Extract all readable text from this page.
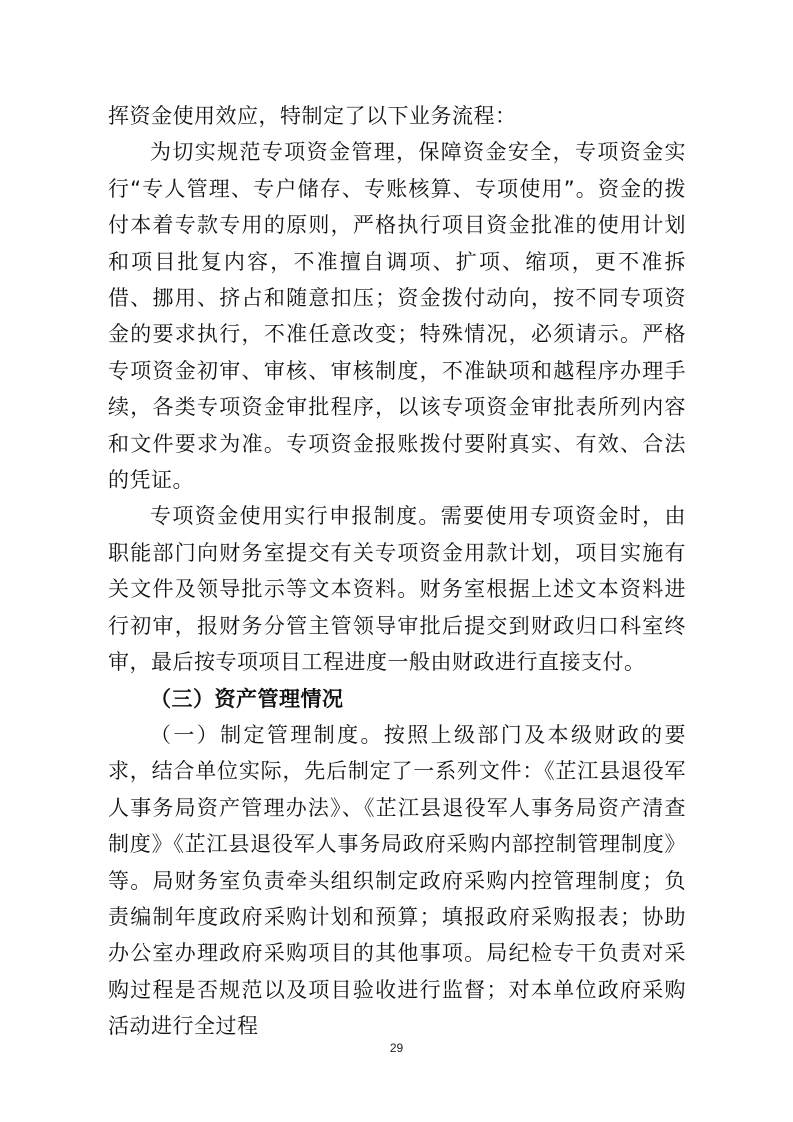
挥资金使用效应，特制定了以下业务流程：

为切实规范专项资金管理，保障资金安全，专项资金实行“专人管理、专户储存、专账核算、专项使用”。资金的拨付本着专款专用的原则，严格执行项目资金批准的使用计划和项目批复内容，不准擅自调项、扩项、缩项，更不准拆借、挪用、挤占和随意扣压；资金拨付动向，按不同专项资金的要求执行，不准任意改变；特殊情况，必须请示。严格专项资金初审、审核、审核制度，不准缺项和越程序办理手续，各类专项资金审批程序，以该专项资金审批表所列内容和文件要求为准。专项资金报账拨付要附真实、有效、合法的凭证。

专项资金使用实行申报制度。需要使用专项资金时，由职能部门向财务室提交有关专项资金用款计划，项目实施有关文件及领导批示等文本资料。财务室根据上述文本资料进行初审，报财务分管主管领导审批后提交到财政归口科室终审，最后按专项项目工程进度一般由财政进行直接支付。

（三）资产管理情况

（一）制定管理制度。按照上级部门及本级财政的要求，结合单位实际，先后制定了一系列文件：《芷江县退役军人事务局资产管理办法》、《芷江县退役军人事务局资产清查制度》《芷江县退役军人事务局政府采购内部控制管理制度》等。局财务室负责牵头组织制定政府采购内控管理制度；负责编制年度政府采购计划和预算；填报政府采购报表；协助办公室办理政府采购项目的其他事项。局纪检专干负责对采购过程是否规范以及项目验收进行监督；对本单位政府采购活动进行全过程

29
